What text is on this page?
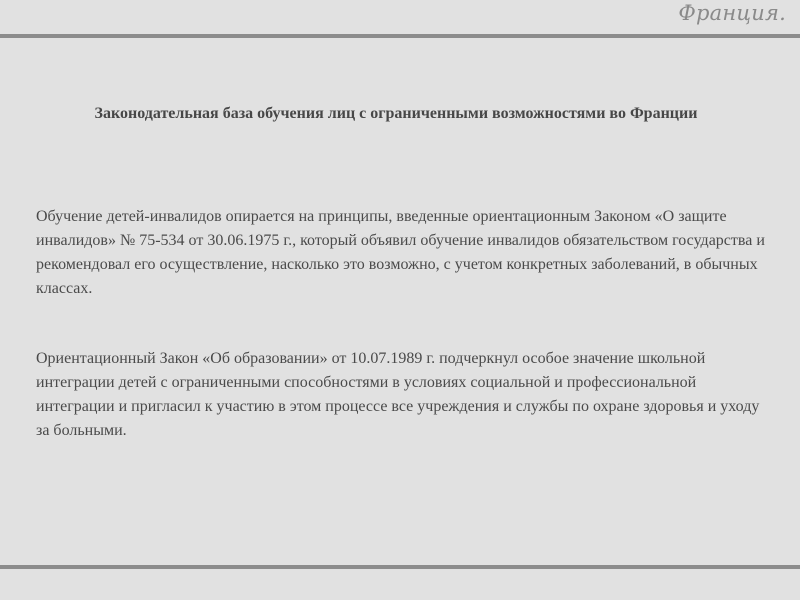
Франция.
Законодательная база обучения лиц с ограниченными возможностями во Франции

Обучение детей-инвалидов опирается на принципы, введенные ориентационным Законом «О защите инвалидов» № 75-534 от 30.06.1975 г., который объявил обучение инвалидов обязательством государства и рекомендовал его осуществление, насколько это возможно, с учетом конкретных заболеваний, в обычных классах.

Ориентационный Закон «Об образовании» от 10.07.1989 г. подчеркнул особое значение школьной интеграции детей с ограниченными способностями в условиях социальной и профессиональной интеграции и пригласил к участию в этом процессе все учреждения и службы по охране здоровья и уходу за больными.
